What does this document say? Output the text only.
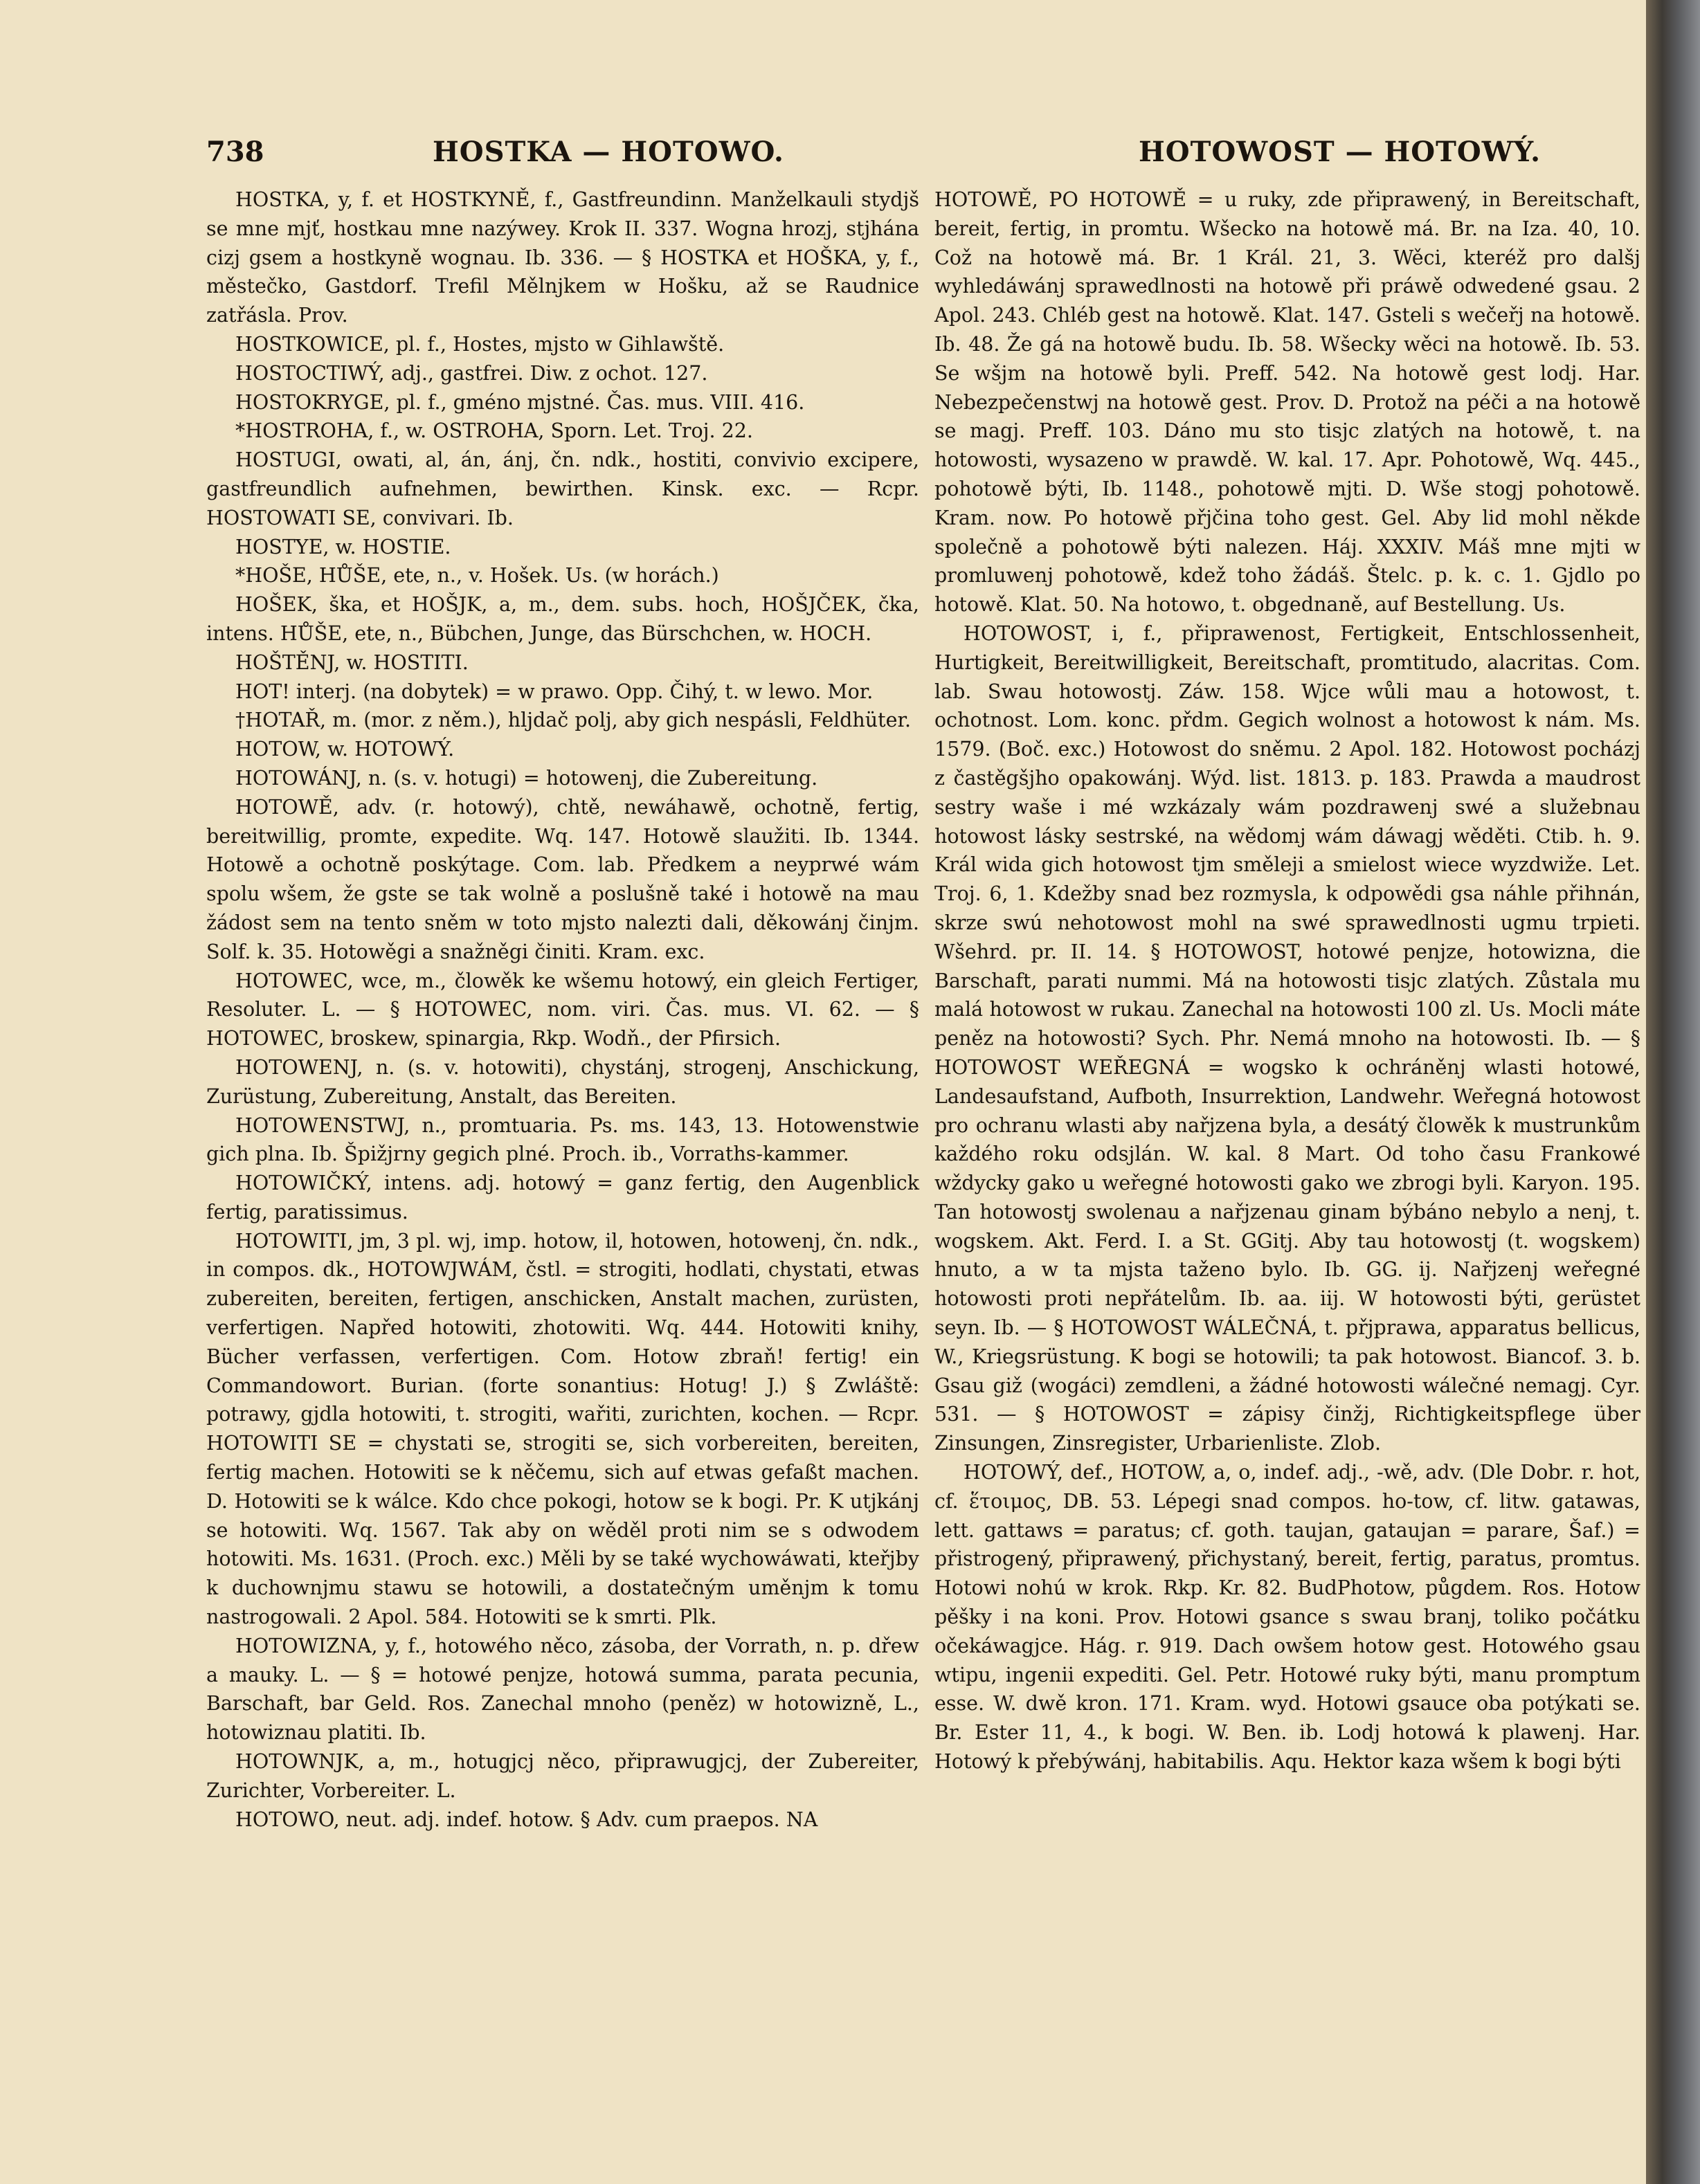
738	HOSTKA — HOTOWO.	HOTOWOST — HOTOWÝ.

HOSTKA, y, f. et HOSTKYNĚ, f., Gastfreundinn. Manželkauli stydjš se mne mjť, hostkau mne nazýwey. Krok II. 337. Wogna hrozj, stjhána cizj gsem a hostkyně wognau. Ib. 336. — § HOSTKA et HOŠKA, y, f., městečko, Gastdorf. Trefil Mělnjkem w Hošku, až se Raudnice zatřásla. Prov.

HOSTKOWICE, pl. f., Hostes, mjsto w Gihlawště.

HOSTOCTIWÝ, adj., gastfrei. Diw. z ochot. 127.

HOSTOKRYGE, pl. f., gméno mjstné. Čas. mus. VIII. 416.

*HOSTROHA, f., w. OSTROHA, Sporn. Let. Troj. 22.

HOSTUGI, owati, al, án, ánj, čn. ndk., hostiti, convivio excipere, gastfreundlich aufnehmen, bewirthen. Kinsk. exc. — Rcpr. HOSTOWATI SE, convivari. Ib.

HOSTYE, w. HOSTIE.

*HOŠE, HŮŠE, ete, n., v. Hošek. Us. (w horách.)

HOŠEK, ška, et HOŠJK, a, m., dem. subs. hoch, HOŠJČEK, čka, intens. HŮŠE, ete, n., Bübchen, Junge, das Bürschchen, w. HOCH.

HOŠTĚNJ, w. HOSTITI.

HOT! interj. (na dobytek) = w prawo. Opp. Čihý, t. w lewo. Mor.

†HOTAŘ, m. (mor. z něm.), hljdač polj, aby gich nespásli, Feldhüter.

HOTOW, w. HOTOWÝ.

HOTOWÁNJ, n. (s. v. hotugi) = hotowenj, die Zubereitung.

HOTOWĚ, adv. (r. hotowý), chtě, newáhawě, ochotně, fertig, bereitwillig, promte, expedite. Wq. 147. Hotowě slaužiti. Ib. 1344. Hotowě a ochotně poskýtage. Com. lab. Předkem a neyprwé wám spolu wšem, že gste se tak wolně a poslušně také i hotowě na mau žádost sem na tento sněm w toto mjsto nalezti dali, děkowánj činjm. Solf. k. 35. Hotowěgi a snažněgi činiti. Kram. exc.

HOTOWEC, wce, m., člowěk ke wšemu hotowý, ein gleich Fertiger, Resoluter. L. — § HOTOWEC, nom. viri. Čas. mus. VI. 62. — § HOTOWEC, broskew, spinargia, Rkp. Wodň., der Pfirsich.

HOTOWENJ, n. (s. v. hotowiti), chystánj, strogenj, Anschickung, Zurüstung, Zubereitung, Anstalt, das Bereiten.

HOTOWENSTWJ, n., promtuaria. Ps. ms. 143, 13. Hotowenstwie gich plna. Ib. Špižjrny gegich plné. Proch. ib., Vorraths-kammer.

HOTOWIČKÝ, intens. adj. hotowý = ganz fertig, den Augenblick fertig, paratissimus.

HOTOWITI, jm, 3 pl. wj, imp. hotow, il, hotowen, hotowenj, čn. ndk., in compos. dk., HOTOWJWÁM, čstl. = strogiti, hodlati, chystati, etwas zubereiten, bereiten, fertigen, anschicken, Anstalt machen, zurüsten, verfertigen. Napřed hotowiti, zhotowiti. Wq. 444. Hotowiti knihy, Bücher verfassen, verfertigen. Com. Hotow zbraň! fertig! ein Commandowort. Burian. (forte sonantius: Hotug! J.) § Zwláště: potrawy, gjdla hotowiti, t. strogiti, wařiti, zurichten, kochen. — Rcpr. HOTOWITI SE = chystati se, strogiti se, sich vorbereiten, bereiten, fertig machen. Hotowiti se k něčemu, sich auf etwas gefaßt machen. D. Hotowiti se k wálce. Kdo chce pokogi, hotow se k bogi. Pr. K utjkánj se hotowiti. Wq. 1567. Tak aby on wěděl proti nim se s odwodem hotowiti. Ms. 1631. (Proch. exc.) Měli by se také wychowáwati, kteřjby k duchownjmu stawu se hotowili, a dostatečným uměnjm k tomu nastrogowali. 2 Apol. 584. Hotowiti se k smrti. Plk.

HOTOWIZNA, y, f., hotowého něco, zásoba, der Vorrath, n. p. dřew a mauky. L. — § = hotowé penjze, hotowá summa, parata pecunia, Barschaft, bar Geld. Ros. Zanechal mnoho (peněz) w hotowizně, L., hotowiznau platiti. Ib.

HOTOWNJK, a, m., hotugjcj něco, připrawugjcj, der Zubereiter, Zurichter, Vorbereiter. L.

HOTOWO, neut. adj. indef. hotow. § Adv. cum praepos. NA

HOTOWĚ, PO HOTOWĚ = u ruky, zde připrawený, in Bereitschaft, bereit, fertig, in promtu. Wšecko na hotowě má. Br. na Iza. 40, 10. Což na hotowě má. Br. 1 Král. 21, 3. Wěci, kteréž pro dalšj wyhledáwánj sprawedlnosti na hotowě při práwě odwedené gsau. 2 Apol. 243. Chléb gest na hotowě. Klat. 147. Gsteli s wečeřj na hotowě. Ib. 48. Že gá na hotowě budu. Ib. 58. Wšecky wěci na hotowě. Ib. 53. Se wšjm na hotowě byli. Preff. 542. Na hotowě gest lodj. Har. Nebezpečenstwj na hotowě gest. Prov. D. Protož na péči a na hotowě se magj. Preff. 103. Dáno mu sto tisjc zlatých na hotowě, t. na hotowosti, wysazeno w prawdě. W. kal. 17. Apr. Pohotowě, Wq. 445., pohotowě býti, Ib. 1148., pohotowě mjti. D. Wše stogj pohotowě. Kram. now. Po hotowě přjčina toho gest. Gel. Aby lid mohl někde společně a pohotowě býti nalezen. Háj. XXXIV. Máš mne mjti w promluwenj pohotowě, kdež toho žádáš. Štelc. p. k. c. 1. Gjdlo po hotowě. Klat. 50. Na hotowo, t. obgednaně, auf Bestellung. Us.

HOTOWOST, i, f., připrawenost, Fertigkeit, Entschlossenheit, Hurtigkeit, Bereitwilligkeit, Bereitschaft, promtitudo, alacritas. Com. lab. Swau hotowostj. Záw. 158. Wjce wůli mau a hotowost, t. ochotnost. Lom. konc. přdm. Gegich wolnost a hotowost k nám. Ms. 1579. (Boč. exc.) Hotowost do sněmu. 2 Apol. 182. Hotowost pocházj z častěgšjho opakowánj. Wýd. list. 1813. p. 183. Prawda a maudrost sestry waše i mé wzkázaly wám pozdrawenj swé a služebnau hotowost lásky sestrské, na wědomj wám dáwagj wěděti. Ctib. h. 9. Král wida gich hotowost tjm směleji a smielost wiece wyzdwiže. Let. Troj. 6, 1. Kdežby snad bez rozmysla, k odpowědi gsa náhle přihnán, skrze swú nehotowost mohl na swé sprawedlnosti ugmu trpieti. Wšehrd. pr. II. 14. § HOTOWOST, hotowé penjze, hotowizna, die Barschaft, parati nummi. Má na hotowosti tisjc zlatých. Zůstala mu malá hotowost w rukau. Zanechal na hotowosti 100 zl. Us. Mocli máte peněz na hotowosti? Sych. Phr. Nemá mnoho na hotowosti. Ib. — § HOTOWOST WEŘEGNÁ = wogsko k ochráněnj wlasti hotowé, Landesaufstand, Aufboth, Insurrektion, Landwehr. Weřegná hotowost pro ochranu wlasti aby nařjzena byla, a desátý člowěk k mustrunkům každého roku odsjlán. W. kal. 8 Mart. Od toho času Frankowé wždycky gako u weřegné hotowosti gako we zbrogi byli. Karyon. 195. Tan hotowostj swolenau a nařjzenau ginam býbáno nebylo a nenj, t. wogskem. Akt. Ferd. I. a St. GGitj. Aby tau hotowostj (t. wogskem) hnuto, a w ta mjsta taženo bylo. Ib. GG. ij. Nařjzenj weřegné hotowosti proti nepřátelům. Ib. aa. iij. W hotowosti býti, gerüstet seyn. Ib. — § HOTOWOST WÁLEČNÁ, t. přjprawa, apparatus bellicus, W., Kriegsrüstung. K bogi se hotowili; ta pak hotowost. Biancof. 3. b. Gsau giž (wogáci) zemdleni, a žádné hotowosti wálečné nemagj. Cyr. 531. — § HOTOWOST = zápisy činžj, Richtigkeitspflege über Zinsungen, Zinsregister, Urbarienliste. Zlob.

HOTOWÝ, def., HOTOW, a, o, indef. adj., -wě, adv. (Dle Dobr. r. hot, cf. ἕτοιμος, DB. 53. Lépegi snad compos. ho-tow, cf. litw. gatawas, lett. gattaws = paratus; cf. goth. taujan, gataujan = parare, Šaf.) = přistrogený, připrawený, přichystaný, bereit, fertig, paratus, promtus. Hotowi nohú w krok. Rkp. Kr. 82. BudPhotow, půgdem. Ros. Hotow pěšky i na koni. Prov. Hotowi gsance s swau branj, toliko počátku očekáwagjce. Hág. r. 919. Dach owšem hotow gest. Hotowého gsau wtipu, ingenii expediti. Gel. Petr. Hotowé ruky býti, manu promptum esse. W. dwě kron. 171. Kram. wyd. Hotowi gsauce oba potýkati se. Br. Ester 11, 4., k bogi. W. Ben. ib. Lodj hotowá k plawenj. Har. Hotowý k přebýwánj, habitabilis. Aqu. Hektor kaza wšem k bogi býti
